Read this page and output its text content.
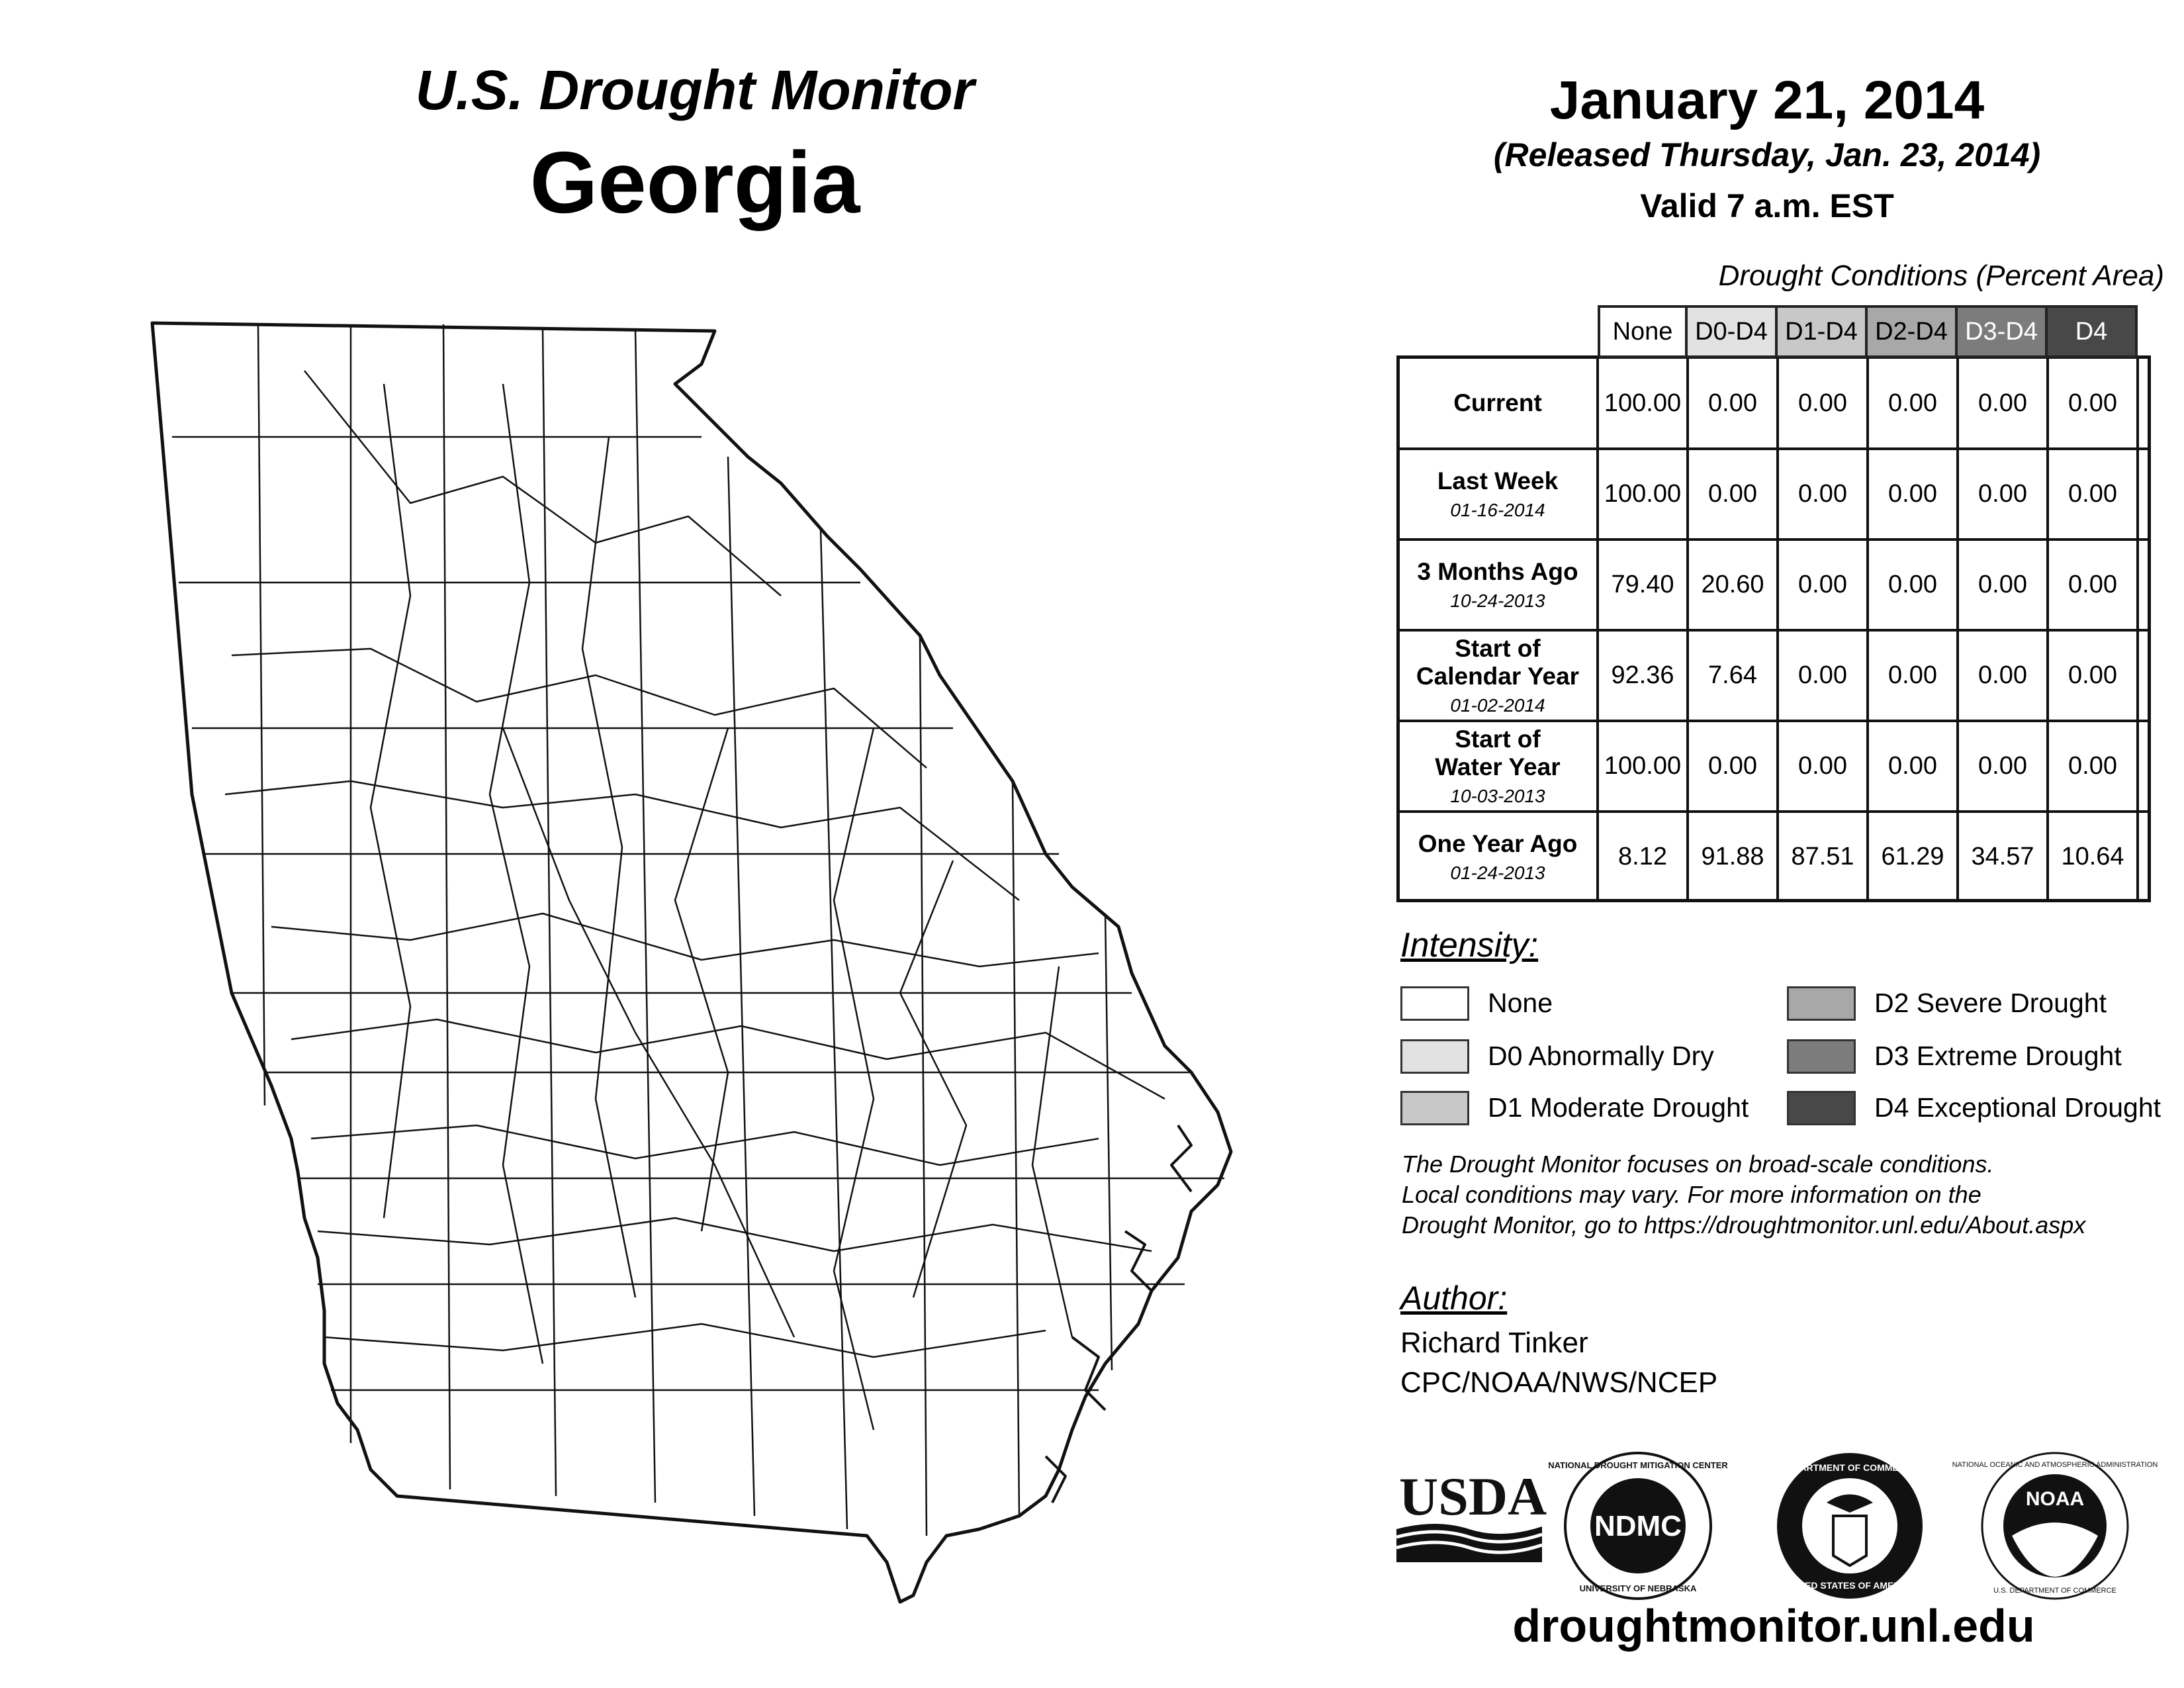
U.S. Drought Monitor
Georgia
January 21, 2014
(Released Thursday, Jan. 23, 2014)
Valid 7 a.m. EST
Drought Conditions (Percent Area)
Intensity:
The Drought Monitor focuses on broad-scale conditions.
Local conditions may vary. For more information on the
Drought Monitor, go to https://droughtmonitor.unl.edu/About.aspx
Author:
Richard Tinker
CPC/NOAA/NWS/NCEP
USDA NDMC
NATIONAL DROUGHT MITIGATION CENTER
UNIVERSITY OF NEBRASKA
DEPARTMENT OF COMMERCE
UNITED STATES OF AMERICA
NOAA
NATIONAL OCEANIC AND ATMOSPHERIC ADMINISTRATION
U.S. DEPARTMENT OF COMMERCE
droughtmonitor.unl.edu
None D0-D4 D1-D4 D2-D4 D3-D4	D4
Current 100.00	0.00	0.00	0.00	0.00	0.00
Last Week
01-16-2014
100.00	0.00	0.00	0.00	0.00	0.00
3 Months Ago
10-24-2013
79.40	20.60	0.00	0.00	0.00	0.00
Start of
Calendar Year
01-02-2014
92.36	7.64	0.00	0.00	0.00	0.00
Start of
Water Year
10-03-2013
100.00	0.00	0.00	0.00	0.00	0.00
One Year Ago
01-24-2013
8.12	91.88	87.51	61.29	34.57	10.64
None
D0 Abnormally Dry
D1 Moderate Drought
D2 Severe Drought
D3 Extreme Drought
D4 Exceptional Drought
